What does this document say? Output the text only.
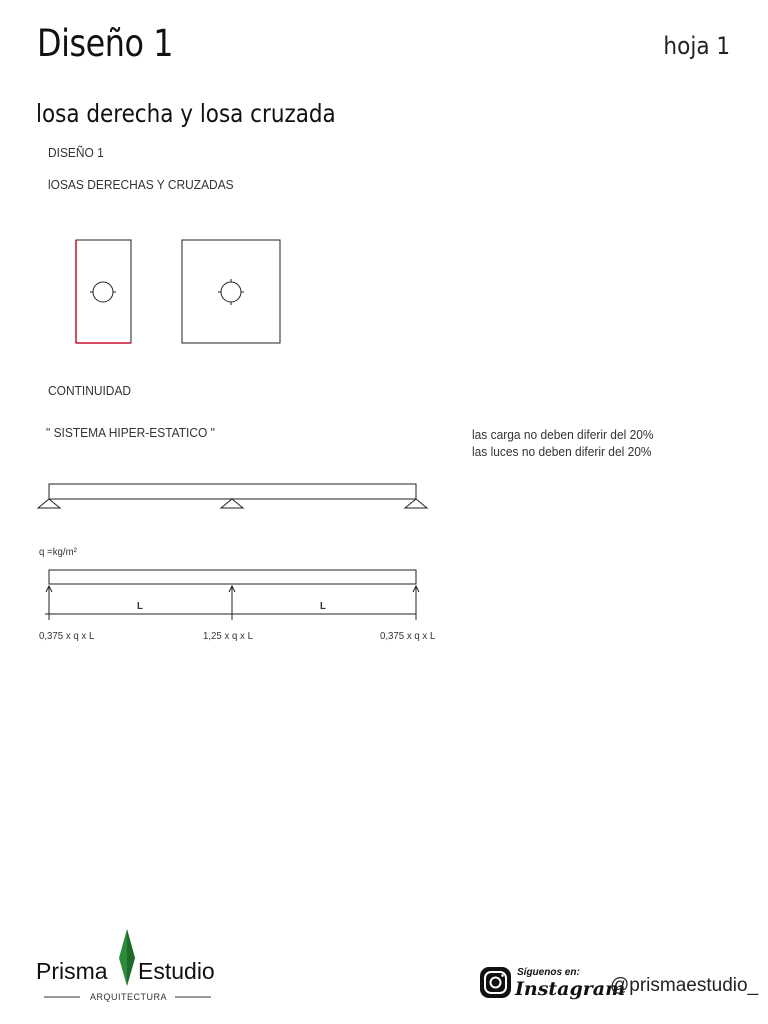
Diseño 1	hoja 1
losa derecha y losa cruzada
DISEÑO 1
lOSAS DERECHAS Y CRUZADAS
CONTINUIDAD
" SISTEMA HIPER-ESTATICO "	las carga no deben diferir del 20%
las luces no deben diferir del 20%
q =kg/m²
L	L
0,375 x q x L	1,25 x q x L	0,375 x q x L
Prisma Estudio
ARQUITECTURA
Síguenos en:
Instagram
@prismaestudio_
